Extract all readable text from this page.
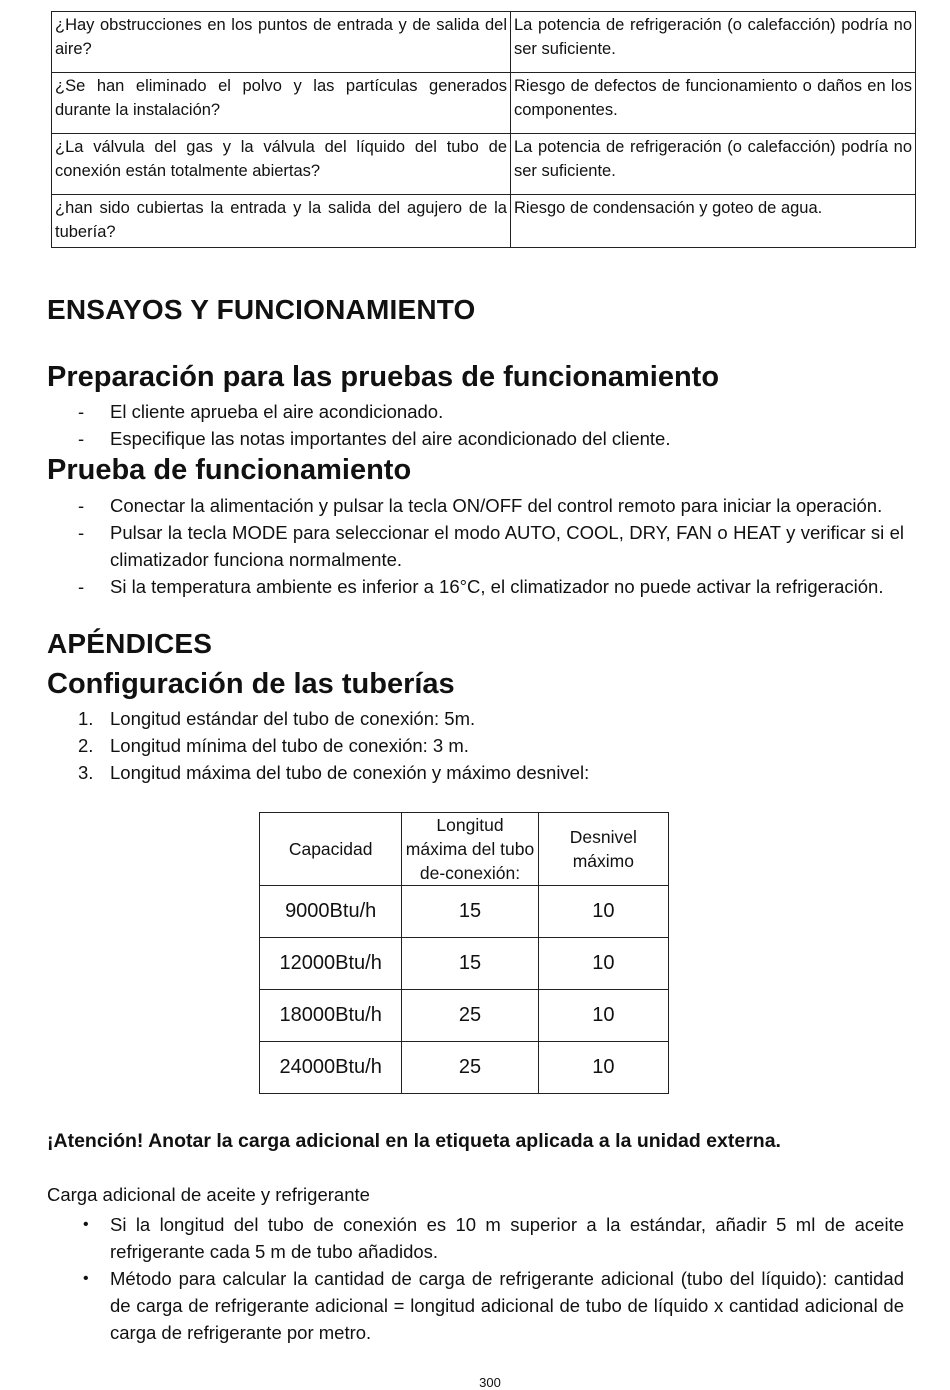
¿Hay obstrucciones en los puntos de entrada y de salida del aire?	La potencia de refrigeración (o calefacción) podría no ser suficiente.
¿Se han eliminado el polvo y las partículas generados durante la instalación?	Riesgo de defectos de funcionamiento o daños en los componentes.
¿La válvula del gas y la válvula del líquido del tubo de conexión están totalmente abiertas?	La potencia de refrigeración (o calefacción) podría no ser suficiente.
¿han sido cubiertas la entrada y la salida del agujero de la tubería?	Riesgo de condensación y goteo de agua.
ENSAYOS Y FUNCIONAMIENTO
Preparación para las pruebas de funcionamiento
- El cliente aprueba el aire acondicionado.
- Especifique las notas importantes del aire acondicionado del cliente.
Prueba de funcionamiento
- Conectar la alimentación y pulsar la tecla ON/OFF del control remoto para iniciar la operación.
- Pulsar la tecla MODE para seleccionar el modo AUTO, COOL, DRY, FAN o HEAT y verificar si el climatizador funciona normalmente.
- Si la temperatura ambiente es inferior a 16°C, el climatizador no puede activar la refrigeración.
APÉNDICES
Configuración de las tuberías
1. Longitud estándar del tubo de conexión: 5m.
2. Longitud mínima del tubo de conexión: 3 m.
3. Longitud máxima del tubo de conexión y máximo desnivel:
Capacidad	Longitud máxima del tubo de-conexión:	Desnivel máximo
9000Btu/h	15	10
12000Btu/h	15	10
18000Btu/h	25	10
24000Btu/h	25	10

¡Atención! Anotar la carga adicional en la etiqueta aplicada a la unidad externa.

Carga adicional de aceite y refrigerante

• Si la longitud del tubo de conexión es 10 m superior a la estándar, añadir 5 ml de aceite refrigerante cada 5 m de tubo añadidos.
• Método para calcular la cantidad de carga de refrigerante adicional (tubo del líquido): cantidad de carga de refrigerante adicional = longitud adicional de tubo de líquido x cantidad adicional de carga de refrigerante por metro.
300
